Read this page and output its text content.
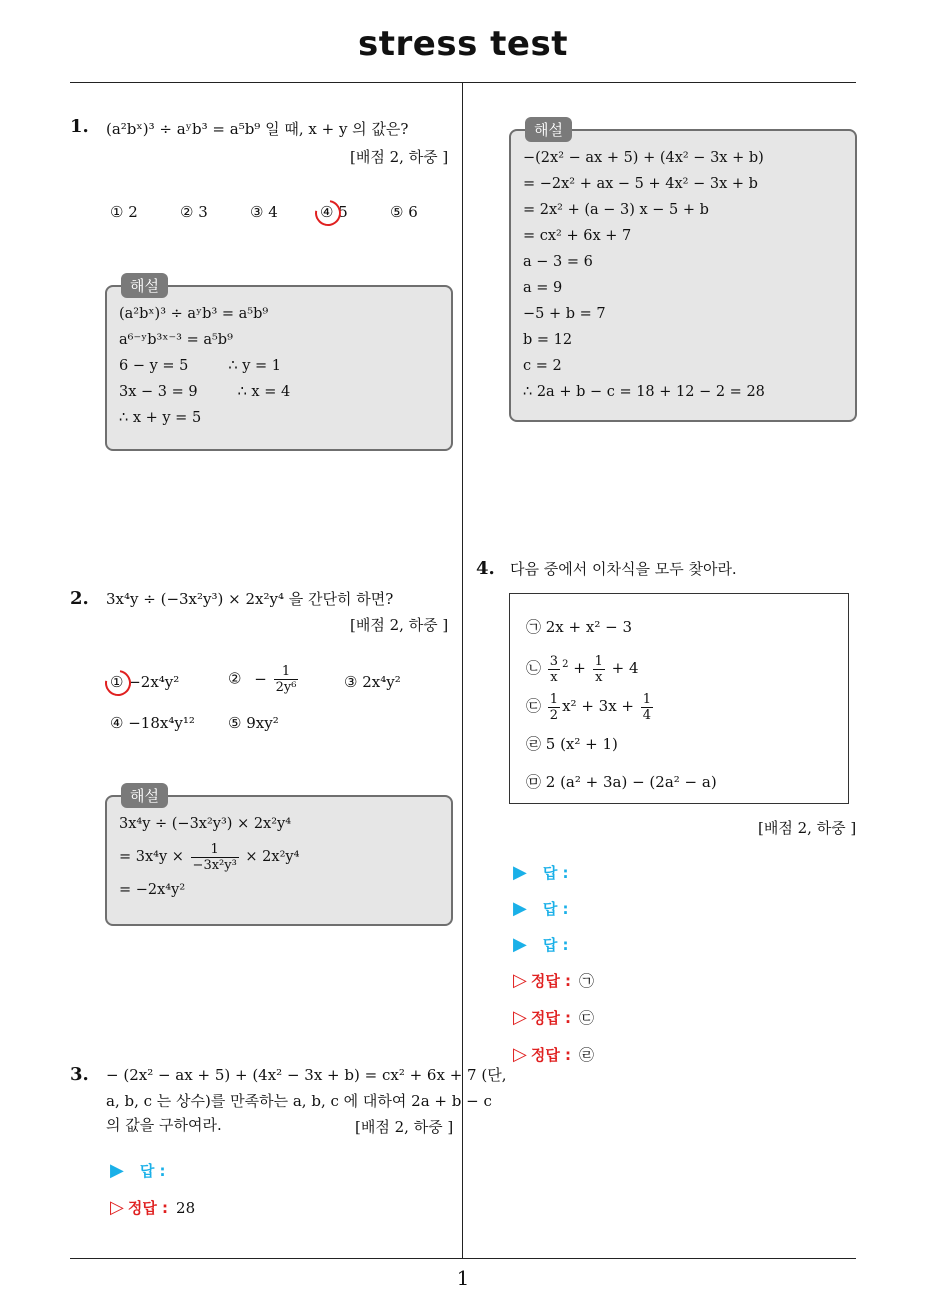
stress test
1
1. (a²bˣ)³ ÷ aʸb³ = a⁵b⁹ 일 때, x + y 의 값은?
[배점 2, 하중 ]
① 2	② 3	③ 4	④ 5	⑤ 6
해설
(a²bˣ)³ ÷ aʸb³ = a⁵b⁹
a⁶⁻ʸb³ˣ⁻³ = a⁵b⁹
6 − y = 5	∴ y = 1
3x − 3 = 9	∴ x = 4
∴ x + y = 5
2. 3x⁴y ÷ (−3x²y³) × 2x²y⁴ 을 간단히 하면?
[배점 2, 하중 ]
① −2x⁴y²	② − $\frac{1}{\text{2y⁶}}$	③ 2x⁴y²
④ −18x⁴y¹² ⑤ 9xy²
해설
3x⁴y ÷ (−3x²y³) × 2x²y⁴
= $3x^4y \times \frac{1}{\text{−3x²y³}} \times 2x^2y^4$
= −2x⁴y²
3. − (2x² − ax + 5) + (4x² − 3x + b) = cx² + 6x + 7 (단,
a, b, c 는 상수)를 만족하는 a, b, c 에 대하여 2a + b − c
의 값을 구하여라.	[배점 2, 하중 ]
▶ 답 :
▷ 정답 : 28
해설
−(2x² − ax + 5) + (4x² − 3x + b)
= −2x² + ax − 5 + 4x² − 3x + b
= 2x² + (a − 3) x − 5 + b
= cx² + 6x + 7
a − 3 = 6
a = 9
−5 + b = 7
b = 12
c = 2
∴ 2a + b − c = 18 + 12 − 2 = 28
4. 다음 중에서 이차식을 모두 찾아라.
㉠ 2x + x² − 3
㉡ $\frac{3}{x} ^2 + \frac{1}{x} + 4$
㉢ $\frac{1}{2} x^2 + 3x + \frac{1}{4}$
㉣ 5 (x² + 1)
㉤ 2 (a² + 3a) − (2a² − a)
[배점 2, 하중 ]
▶ 답 :
▶ 답 :
▶ 답 :
▷ 정답 : ㉠
▷ 정답 : ㉢
▷ 정답 : ㉣
